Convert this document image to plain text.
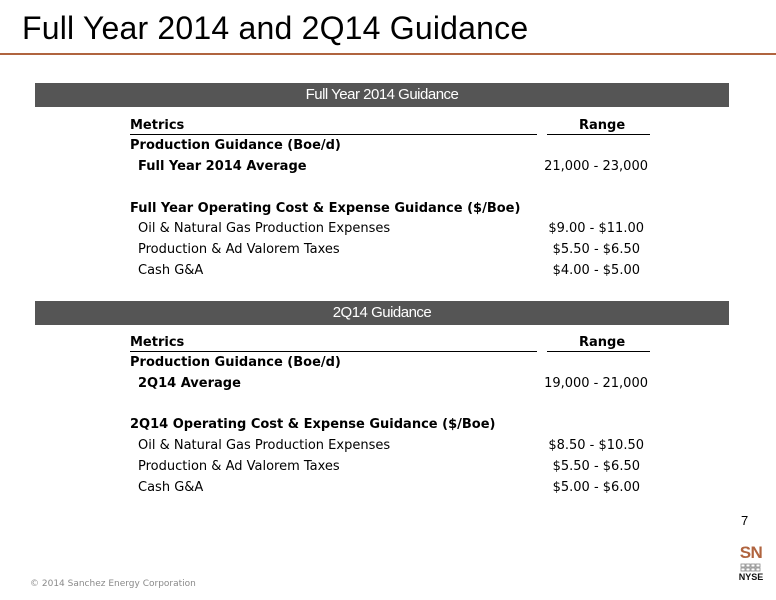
Full Year 2014 and 2Q14 Guidance
Full Year 2014 Guidance
Metrics	Range
Production Guidance (Boe/d)
Full Year 2014 Average	21,000 - 23,000
Full Year Operating Cost & Expense Guidance ($/Boe)
Oil & Natural Gas Production Expenses	$9.00 - $11.00
Production & Ad Valorem Taxes	$5.50 - $6.50
Cash G&A	$4.00 - $5.00
2Q14 Guidance
Metrics	Range
Production Guidance (Boe/d)
2Q14 Average	19,000 - 21,000
2Q14 Operating Cost & Expense Guidance ($/Boe)
Oil & Natural Gas Production Expenses	$8.50 - $10.50
Production & Ad Valorem Taxes	$5.50 - $6.50
Cash G&A	$5.00 - $6.00
7
© 2014 Sanchez Energy Corporation
SN
NYSE
